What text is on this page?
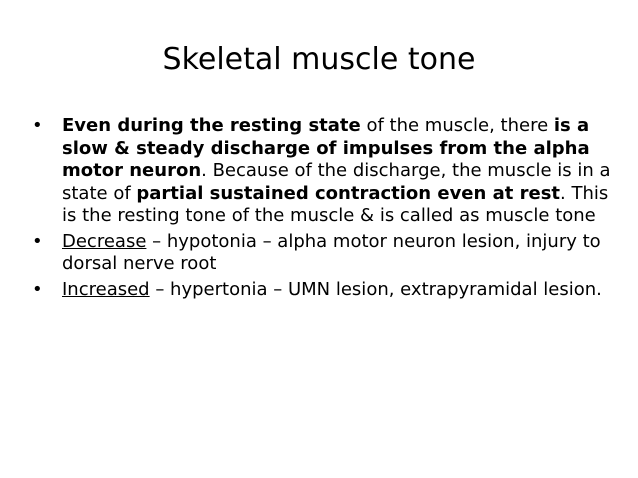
Skeletal muscle tone
•	Even during the resting state of the muscle, there is a slow & steady discharge of impulses from the alpha motor neuron. Because of the discharge, the muscle is in a state of partial sustained contraction even at rest. This is the resting tone of the muscle & is called as muscle tone
•	Decrease – hypotonia – alpha motor neuron lesion, injury to dorsal nerve root
•	Increased – hypertonia – UMN lesion, extrapyramidal lesion.
